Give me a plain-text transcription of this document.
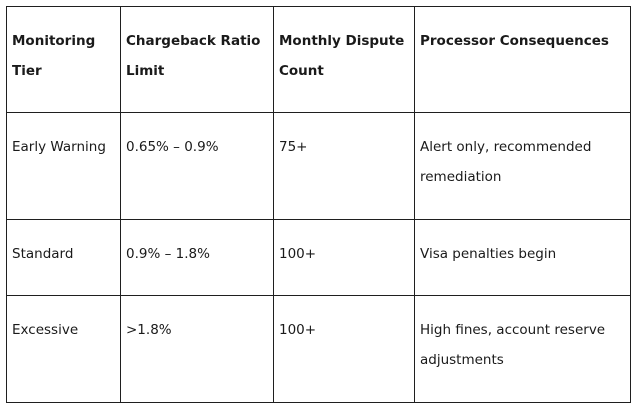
Monitoring Tier	Chargeback Ratio Limit	Monthly Dispute Count	Processor Consequences
Early Warning	0.65% – 0.9%	75+	Alert only, recommended remediation
Standard	0.9% – 1.8%	100+	Visa penalties begin
Excessive	>1.8%	100+	High fines, account reserve adjustments
